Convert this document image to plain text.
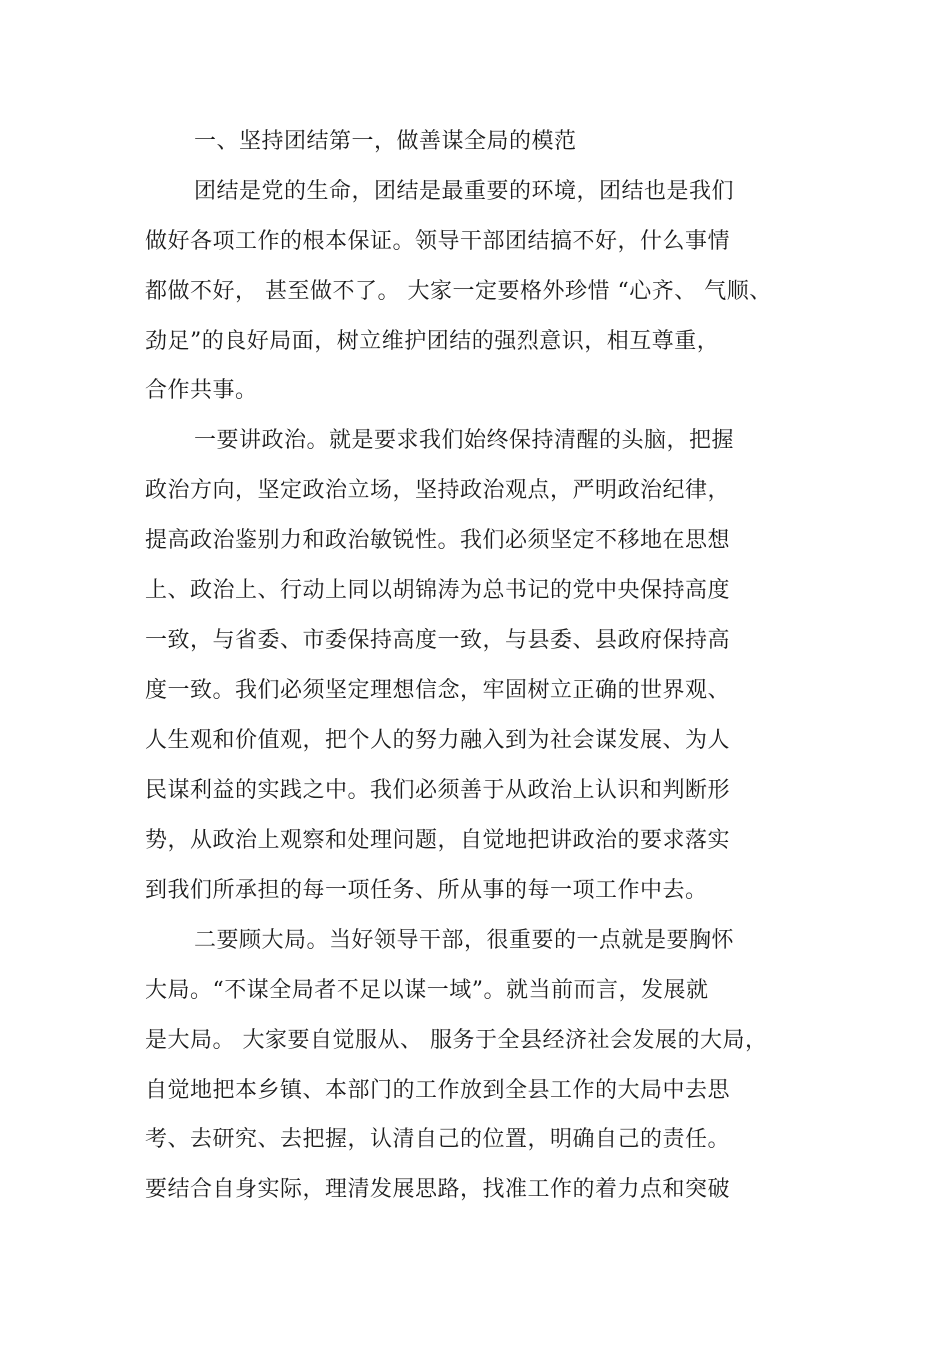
一、坚持团结第一，做善谋全局的模范
团结是党的生命，团结是最重要的环境，团结也是我们
做好各项工作的根本保证。领导干部团结搞不好，什么事情
都做不好， 甚至做不了。 大家一定要格外珍惜 “心齐、 气顺、
劲足”的良好局面，树立维护团结的强烈意识，相互尊重，
合作共事。
一要讲政治。就是要求我们始终保持清醒的头脑，把握
政治方向，坚定政治立场，坚持政治观点，严明政治纪律，
提高政治鉴别力和政治敏锐性。我们必须坚定不移地在思想
上、政治上、行动上同以胡锦涛为总书记的党中央保持高度
一致，与省委、市委保持高度一致，与县委、县政府保持高
度一致。我们必须坚定理想信念，牢固树立正确的世界观、
人生观和价值观，把个人的努力融入到为社会谋发展、为人
民谋利益的实践之中。我们必须善于从政治上认识和判断形
势，从政治上观察和处理问题，自觉地把讲政治的要求落实
到我们所承担的每一项任务、所从事的每一项工作中去。
二要顾大局。当好领导干部，很重要的一点就是要胸怀
大局。“不谋全局者不足以谋一域”。就当前而言，发展就
是大局。 大家要自觉服从、 服务于全县经济社会发展的大局，
自觉地把本乡镇、本部门的工作放到全县工作的大局中去思
考、去研究、去把握，认清自己的位置，明确自己的责任。
要结合自身实际，理清发展思路，找准工作的着力点和突破
